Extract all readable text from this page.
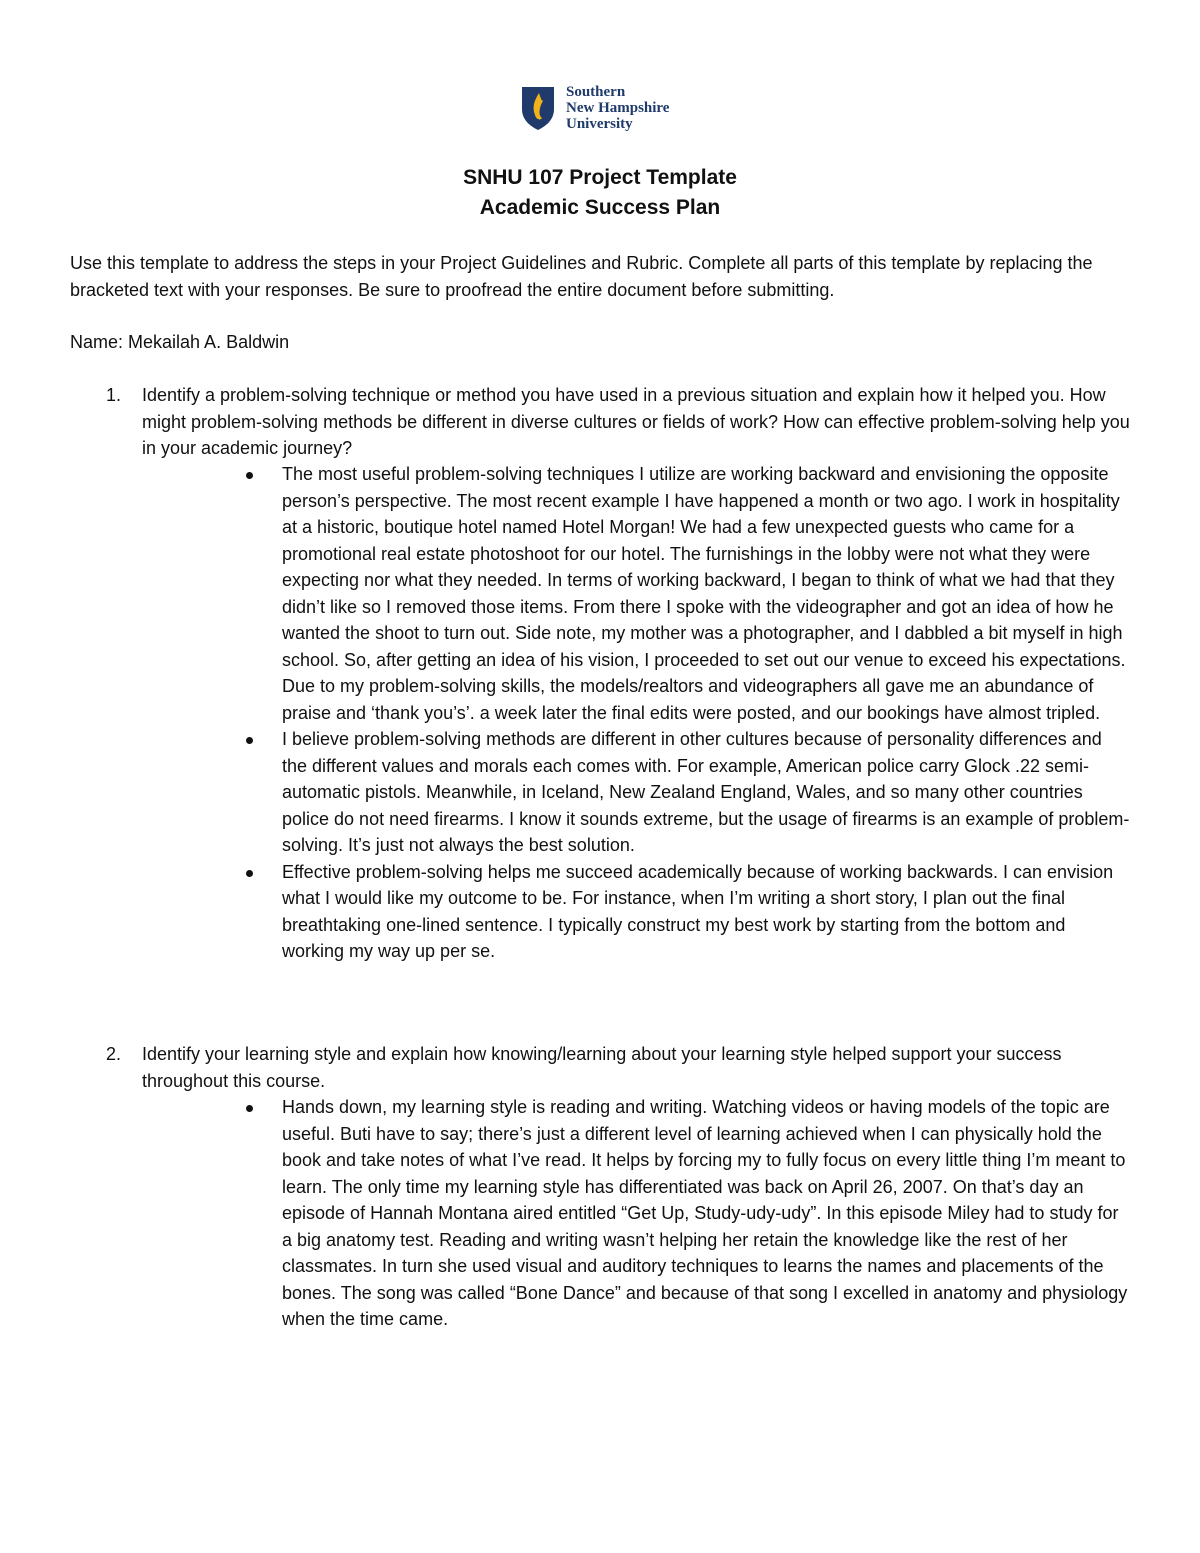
Southern
New Hampshire
University
SNHU 107 Project Template
Academic Success Plan
Use this template to address the steps in your Project Guidelines and Rubric. Complete all parts of this template by replacing the bracketed text with your responses. Be sure to proofread the entire document before submitting.
Name: Mekailah A. Baldwin
1.	Identify a problem-solving technique or method you have used in a previous situation and explain how it helped you. How might problem-solving methods be different in diverse cultures or fields of work? How can effective problem-solving help you in your academic journey?
The most useful problem-solving techniques I utilize are working backward and envisioning the opposite person’s perspective. The most recent example I have happened a month or two ago. I work in hospitality at a historic, boutique hotel named Hotel Morgan! We had a few unexpected guests who came for a promotional real estate photoshoot for our hotel. The furnishings in the lobby were not what they were expecting nor what they needed. In terms of working backward, I began to think of what we had that they didn’t like so I removed those items. From there I spoke with the videographer and got an idea of how he wanted the shoot to turn out. Side note, my mother was a photographer, and I dabbled a bit myself in high school. So, after getting an idea of his vision, I proceeded to set out our venue to exceed his expectations. Due to my problem-solving skills, the models/realtors and videographers all gave me an abundance of praise and ‘thank you’s’. a week later the final edits were posted, and our bookings have almost tripled.
I believe problem-solving methods are different in other cultures because of personality differences and the different values and morals each comes with. For example, American police carry Glock .22 semi-automatic pistols. Meanwhile, in Iceland, New Zealand England, Wales, and so many other countries police do not need firearms. I know it sounds extreme, but the usage of firearms is an example of problem-solving. It’s just not always the best solution.
Effective problem-solving helps me succeed academically because of working backwards. I can envision what I would like my outcome to be. For instance, when I’m writing a short story, I plan out the final breathtaking one-lined sentence. I typically construct my best work by starting from the bottom and working my way up per se.
2.	Identify your learning style and explain how knowing/learning about your learning style helped support your success throughout this course.
Hands down, my learning style is reading and writing. Watching videos or having models of the topic are useful. Buti have to say; there’s just a different level of learning achieved when I can physically hold the book and take notes of what I’ve read. It helps by forcing my to fully focus on every little thing I’m meant to learn. The only time my learning style has differentiated was back on April 26, 2007. On that’s day an episode of Hannah Montana aired entitled “Get Up, Study-udy-udy”. In this episode Miley had to study for a big anatomy test. Reading and writing wasn’t helping her retain the knowledge like the rest of her classmates. In turn she used visual and auditory techniques to learns the names and placements of the bones. The song was called “Bone Dance” and because of that song I excelled in anatomy and physiology when the time came.
